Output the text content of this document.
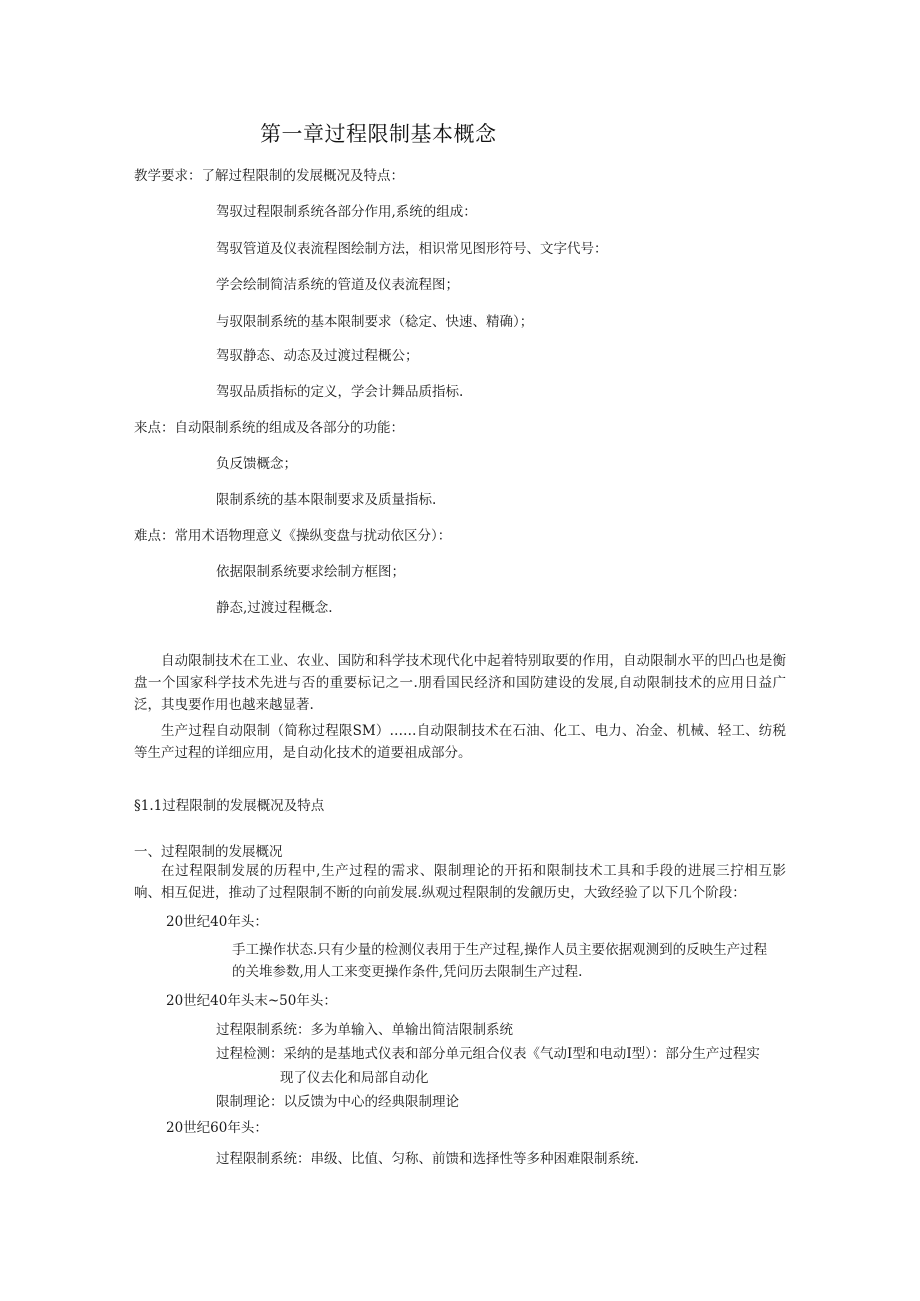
第一章过程限制基本概念
教学要求：了解过程限制的发展概况及特点：
驾驭过程限制系统各部分作用,系统的组成：
驾驭管道及仪表流程图绘制方法，相识常见图形符号、文字代号：
学会绘制简洁系统的管道及仪表流程图；
与驭限制系统的基本限制要求（稔定、快速、精确）；
驾驭静态、动态及过渡过程概公；
驾驭品质指标的定义，学会计舞品质指标.
来点：自动限制系统的组成及各部分的功能：
负反馈概念；
限制系统的基本限制要求及质量指标.
难点：常用术语物理意义《操纵变盘与扰动依区分）：
依据限制系统要求绘制方框图；
静态,过渡过程概念.
自动限制技术在工业、农业、国防和科学技术现代化中起着特别取要的作用，自动限制水平的凹凸也是衡盘一个国家科学技术先进与否的重要标记之一.朋看国民经济和国防建设的发展,自动限制技术的应用日益广泛，其曳要作用也越来越显著.
生产过程自动限制（简称过程限SM）……自动限制技术在石油、化工、电力、冶金、机械、轻工、纺税等生产过程的详细应用，是自动化技术的道要祖成部分。
§1.1过程限制的发展概况及特点
一、过程限制的发展概况
在过程限制发展的历程中,生产过程的需求、限制理论的开拓和限制技术工具和手段的进展三拧相互影响、相互促进，推动了过程限制不断的向前发展.纵观过程限制的发觎历史，大致经验了以下几个阶段：
20世纪40年头：
手工操作状态.只有少量的检测仪表用于生产过程,操作人员主要依据观测到的反映生产过程的关堆参数,用人工来变更操作条件,凭问历去限制生产过程.
20世纪40年头末~50年头：
过程限制系统：多为单输入、单输出简洁限制系统
过程检测：采纳的是基地式仪表和部分单元组合仪表《气动I型和电动I型）：部分生产过程实
现了仪去化和局部自动化
限制理论：以反馈为中心的经典限制理论
20世纪60年头：
过程限制系统：串级、比值、匀称、前馈和选择性等多种困难限制系统.
